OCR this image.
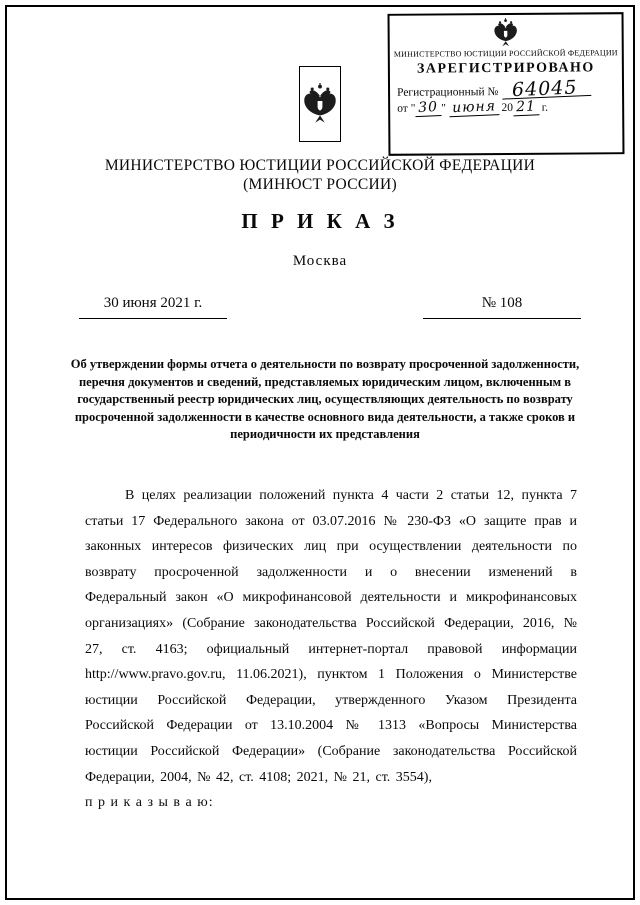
МИНИСТЕРСТВО ЮСТИЦИИ РОССИЙСКОЙ ФЕДЕРАЦИИ
ЗАРЕГИСТРИРОВАНО
Регистрационный № 64045
от " 30 " июня 20 21 г.
МИНИСТЕРСТВО ЮСТИЦИИ РОССИЙСКОЙ ФЕДЕРАЦИИ
(МИНЮСТ РОССИИ)
П Р И К А З
Москва
30 июня 2021 г.	№ 108
Об утверждении формы отчета о деятельности по возврату просроченной задолженности, перечня документов и сведений, представляемых юридическим лицом, включенным в государственный реестр юридических лиц, осуществляющих деятельность по возврату просроченной задолженности в качестве основного вида деятельности, а также сроков и периодичности их представления
В целях реализации положений пункта 4 части 2 статьи 12, пункта 7 статьи 17 Федерального закона от 03.07.2016 № 230-ФЗ «О защите прав и законных интересов физических лиц при осуществлении деятельности по возврату просроченной задолженности и о внесении изменений в Федеральный закон «О микрофинансовой деятельности и микрофинансовых организациях» (Собрание законодательства Российской Федерации, 2016, № 27, ст. 4163; официальный интернет-портал правовой информации http://www.pravo.gov.ru, 11.06.2021), пунктом 1 Положения о Министерстве юстиции Российской Федерации, утвержденного Указом Президента Российской Федерации от 13.10.2004 № 1313 «Вопросы Министерства юстиции Российской Федерации» (Собрание законодательства Российской Федерации, 2004, № 42, ст. 4108; 2021, № 21, ст. 3554),
п р и к а з ы в а ю:
